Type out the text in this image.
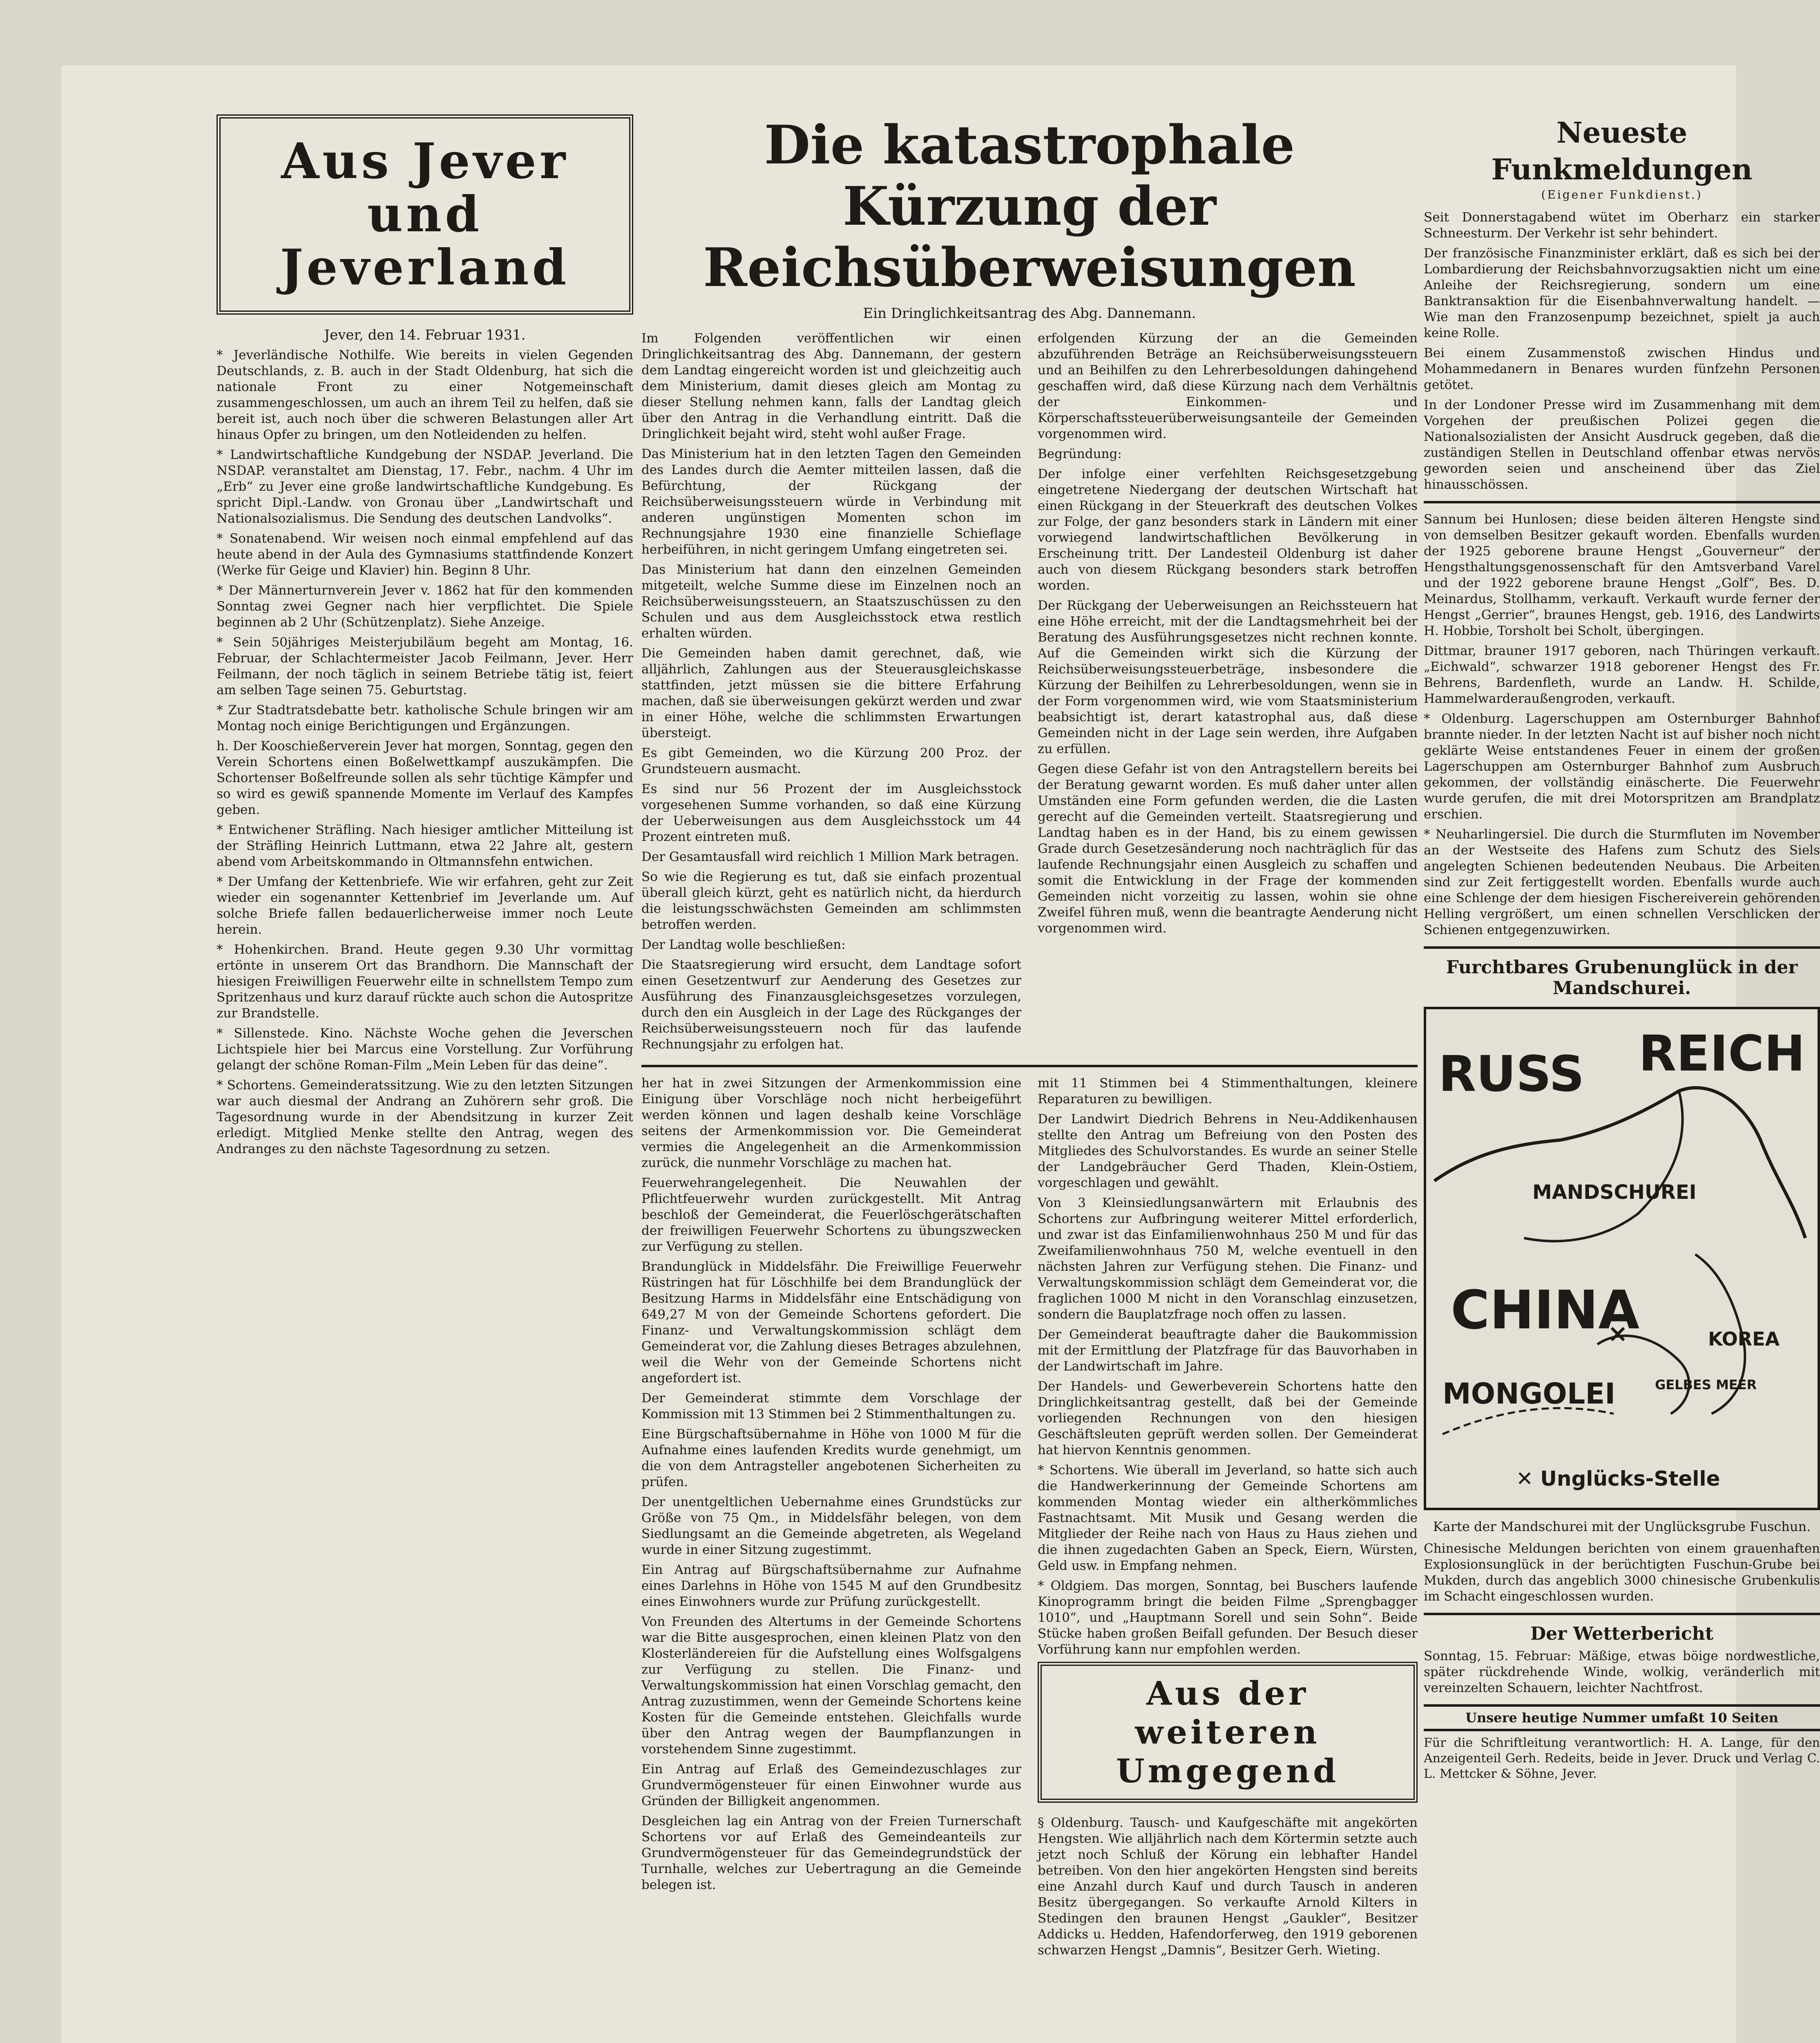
Aus Jever und Jeverland
Jever, den 14. Februar 1931.

* Jeverländische Nothilfe. Wie bereits in vielen Gegenden Deutschlands, z. B. auch in der Stadt Oldenburg, hat sich die nationale Front zu einer Notgemeinschaft zusammengeschlossen, um auch an ihrem Teil zu helfen, daß sie bereit ist, auch noch über die schweren Belastungen aller Art hinaus Opfer zu bringen, um den Notleidenden zu helfen.

* Landwirtschaftliche Kundgebung der NSDAP. Jeverland. Die NSDAP. veranstaltet am Dienstag, 17. Febr., nachm. 4 Uhr im „Erb“ zu Jever eine große landwirtschaftliche Kundgebung. Es spricht Dipl.-Landw. von Gronau über „Landwirtschaft und Nationalsozialismus. Die Sendung des deutschen Landvolks“.

* Sonatenabend. Wir weisen noch einmal empfehlend auf das heute abend in der Aula des Gymnasiums stattfindende Konzert (Werke für Geige und Klavier) hin. Beginn 8 Uhr.

* Der Männerturnverein Jever v. 1862 hat für den kommenden Sonntag zwei Gegner nach hier verpflichtet. Die Spiele beginnen ab 2 Uhr (Schützenplatz). Siehe Anzeige.

* Sein 50jähriges Meisterjubiläum begeht am Montag, 16. Februar, der Schlachtermeister Jacob Feilmann, Jever. Herr Feilmann, der noch täglich in seinem Betriebe tätig ist, feiert am selben Tage seinen 75. Geburtstag.

* Zur Stadtratsdebatte betr. katholische Schule bringen wir am Montag noch einige Berichtigungen und Ergänzungen.

h. Der Kooschießerverein Jever hat morgen, Sonntag, gegen den Verein Schortens einen Boßelwettkampf auszukämpfen. Die Schortenser Boßelfreunde sollen als sehr tüchtige Kämpfer und so wird es gewiß spannende Momente im Verlauf des Kampfes geben.

* Entwichener Sträfling. Nach hiesiger amtlicher Mitteilung ist der Sträfling Heinrich Luttmann, etwa 22 Jahre alt, gestern abend vom Arbeitskommando in Oltmannsfehn entwichen.

* Der Umfang der Kettenbriefe. Wie wir erfahren, geht zur Zeit wieder ein sogenannter Kettenbrief im Jeverlande um. Auf solche Briefe fallen bedauerlicherweise immer noch Leute herein.

* Hohenkirchen. Brand. Heute gegen 9.30 Uhr vormittag ertönte in unserem Ort das Brandhorn. Die Mannschaft der hiesigen Freiwilligen Feuerwehr eilte in schnellstem Tempo zum Spritzenhaus und kurz darauf rückte auch schon die Autospritze zur Brandstelle.

* Sillenstede. Kino. Nächste Woche gehen die Jeverschen Lichtspiele hier bei Marcus eine Vorstellung. Zur Vorführung gelangt der schöne Roman-Film „Mein Leben für das deine“.

* Schortens. Gemeinderatssitzung. Wie zu den letzten Sitzungen war auch diesmal der Andrang an Zuhörern sehr groß. Die Tagesordnung wurde in der Abendsitzung in kurzer Zeit erledigt. Mitglied Menke stellte den Antrag, wegen des Andranges zu den nächste Tagesordnung zu setzen.

Die katastrophale Kürzung der Reichsüberweisungen
Ein Dringlichkeitsantrag des Abg. Dannemann.

Im Folgenden veröffentlichen wir einen Dringlichkeitsantrag des Abg. Dannemann, der gestern dem Landtag eingereicht worden ist und gleichzeitig auch dem Ministerium, damit dieses gleich am Montag zu dieser Stellung nehmen kann, falls der Landtag gleich über den Antrag in die Verhandlung eintritt. Daß die Dringlichkeit bejaht wird, steht wohl außer Frage.

Das Ministerium hat in den letzten Tagen den Gemeinden des Landes durch die Aemter mitteilen lassen, daß die Befürchtung, der Rückgang der Reichsüberweisungssteuern würde in Verbindung mit anderen ungünstigen Momenten schon im Rechnungsjahre 1930 eine finanzielle Schieflage herbeiführen, in nicht geringem Umfang eingetreten sei.

Das Ministerium hat dann den einzelnen Gemeinden mitgeteilt, welche Summe diese im Einzelnen noch an Reichsüberweisungssteuern, an Staatszuschüssen zu den Schulen und aus dem Ausgleichsstock etwa restlich erhalten würden.

Die Gemeinden haben damit gerechnet, daß, wie alljährlich, Zahlungen aus der Steuerausgleichskasse stattfinden, jetzt müssen sie die bittere Erfahrung machen, daß sie überweisungen gekürzt werden und zwar in einer Höhe, welche die schlimmsten Erwartungen übersteigt.

Es gibt Gemeinden, wo die Kürzung 200 Proz. der Grundsteuern ausmacht.

Es sind nur 56 Prozent der im Ausgleichsstock vorgesehenen Summe vorhanden, so daß eine Kürzung der Ueberweisungen aus dem Ausgleichsstock um 44 Prozent eintreten muß.

Der Gesamtausfall wird reichlich 1 Million Mark betragen.

So wie die Regierung es tut, daß sie einfach prozentual überall gleich kürzt, geht es natürlich nicht, da hierdurch die leistungsschwächsten Gemeinden am schlimmsten betroffen werden.

Der Landtag wolle beschließen:

Die Staatsregierung wird ersucht, dem Landtage sofort einen Gesetzentwurf zur Aenderung des Gesetzes zur Ausführung des Finanzausgleichsgesetzes vorzulegen, durch den ein Ausgleich in der Lage des Rückganges der Reichsüberweisungssteuern noch für das laufende Rechnungsjahr zu erfolgen hat.

erfolgenden Kürzung der an die Gemeinden abzuführenden Beträge an Reichsüberweisungssteuern und an Beihilfen zu den Lehrerbesoldungen dahingehend geschaffen wird, daß diese Kürzung nach dem Verhältnis der Einkommen- und Körperschaftssteuerüberweisungsanteile der Gemeinden vorgenommen wird.

Begründung:

Der infolge einer verfehlten Reichsgesetzgebung eingetretene Niedergang der deutschen Wirtschaft hat einen Rückgang in der Steuerkraft des deutschen Volkes zur Folge, der ganz besonders stark in Ländern mit einer vorwiegend landwirtschaftlichen Bevölkerung in Erscheinung tritt. Der Landesteil Oldenburg ist daher auch von diesem Rückgang besonders stark betroffen worden.

Der Rückgang der Ueberweisungen an Reichssteuern hat eine Höhe erreicht, mit der die Landtagsmehrheit bei der Beratung des Ausführungsgesetzes nicht rechnen konnte. Auf die Gemeinden wirkt sich die Kürzung der Reichsüberweisungssteuerbeträge, insbesondere die Kürzung der Beihilfen zu Lehrerbesoldungen, wenn sie in der Form vorgenommen wird, wie vom Staatsministerium beabsichtigt ist, derart katastrophal aus, daß diese Gemeinden nicht in der Lage sein werden, ihre Aufgaben zu erfüllen.

Gegen diese Gefahr ist von den Antragstellern bereits bei der Beratung gewarnt worden. Es muß daher unter allen Umständen eine Form gefunden werden, die die Lasten gerecht auf die Gemeinden verteilt. Staatsregierung und Landtag haben es in der Hand, bis zu einem gewissen Grade durch Gesetzesänderung noch nachträglich für das laufende Rechnungsjahr einen Ausgleich zu schaffen und somit die Entwicklung in der Frage der kommenden Gemeinden nicht vorzeitig zu lassen, wohin sie ohne Zweifel führen muß, wenn die beantragte Aenderung nicht vorgenommen wird.

her hat in zwei Sitzungen der Armenkommission eine Einigung über Vorschläge noch nicht herbeigeführt werden können und lagen deshalb keine Vorschläge seitens der Armenkommission vor. Die Gemeinderat vermies die Angelegenheit an die Armenkommission zurück, die nunmehr Vorschläge zu machen hat.

Feuerwehrangelegenheit. Die Neuwahlen der Pflichtfeuerwehr wurden zurückgestellt. Mit Antrag beschloß der Gemeinderat, die Feuerlöschgerätschaften der freiwilligen Feuerwehr Schortens zu übungszwecken zur Verfügung zu stellen.

Brandunglück in Middelsfähr. Die Freiwillige Feuerwehr Rüstringen hat für Löschhilfe bei dem Brandunglück der Besitzung Harms in Middelsfähr eine Entschädigung von 649,27 M von der Gemeinde Schortens gefordert. Die Finanz- und Verwaltungskommission schlägt dem Gemeinderat vor, die Zahlung dieses Betrages abzulehnen, weil die Wehr von der Gemeinde Schortens nicht angefordert ist.

Der Gemeinderat stimmte dem Vorschlage der Kommission mit 13 Stimmen bei 2 Stimmenthaltungen zu.

Eine Bürgschaftsübernahme in Höhe von 1000 M für die Aufnahme eines laufenden Kredits wurde genehmigt, um die von dem Antragsteller angebotenen Sicherheiten zu prüfen.

Der unentgeltlichen Uebernahme eines Grundstücks zur Größe von 75 Qm., in Middelsfähr belegen, von dem Siedlungsamt an die Gemeinde abgetreten, als Wegeland wurde in einer Sitzung zugestimmt.

Ein Antrag auf Bürgschaftsübernahme zur Aufnahme eines Darlehns in Höhe von 1545 M auf den Grundbesitz eines Einwohners wurde zur Prüfung zurückgestellt.

Von Freunden des Altertums in der Gemeinde Schortens war die Bitte ausgesprochen, einen kleinen Platz von den Klosterländereien für die Aufstellung eines Wolfsgalgens zur Verfügung zu stellen. Die Finanz- und Verwaltungskommission hat einen Vorschlag gemacht, den Antrag zuzustimmen, wenn der Gemeinde Schortens keine Kosten für die Gemeinde entstehen. Gleichfalls wurde über den Antrag wegen der Baumpflanzungen in vorstehendem Sinne zugestimmt.

Ein Antrag auf Erlaß des Gemeindezuschlages zur Grundvermögensteuer für einen Einwohner wurde aus Gründen der Billigkeit angenommen.

Desgleichen lag ein Antrag von der Freien Turnerschaft Schortens vor auf Erlaß des Gemeindeanteils zur Grundvermögensteuer für das Gemeindegrundstück der Turnhalle, welches zur Uebertragung an die Gemeinde belegen ist.

mit 11 Stimmen bei 4 Stimmenthaltungen, kleinere Reparaturen zu bewilligen.

Der Landwirt Diedrich Behrens in Neu-Addikenhausen stellte den Antrag um Befreiung von den Posten des Mitgliedes des Schulvorstandes. Es wurde an seiner Stelle der Landgebräucher Gerd Thaden, Klein-Ostiem, vorgeschlagen und gewählt.

Von 3 Kleinsiedlungsanwärtern mit Erlaubnis des Schortens zur Aufbringung weiterer Mittel erforderlich, und zwar ist das Einfamilienwohnhaus 250 M und für das Zweifamilienwohnhaus 750 M, welche eventuell in den nächsten Jahren zur Verfügung stehen. Die Finanz- und Verwaltungskommission schlägt dem Gemeinderat vor, die fraglichen 1000 M nicht in den Voranschlag einzusetzen, sondern die Bauplatzfrage noch offen zu lassen.

Der Gemeinderat beauftragte daher die Baukommission mit der Ermittlung der Platzfrage für das Bauvorhaben in der Landwirtschaft im Jahre.

Der Handels- und Gewerbeverein Schortens hatte den Dringlichkeitsantrag gestellt, daß bei der Gemeinde vorliegenden Rechnungen von den hiesigen Geschäftsleuten geprüft werden sollen. Der Gemeinderat hat hiervon Kenntnis genommen.

* Schortens. Wie überall im Jeverland, so hatte sich auch die Handwerkerinnung der Gemeinde Schortens am kommenden Montag wieder ein altherkömmliches Fastnachtsamt. Mit Musik und Gesang werden die Mitglieder der Reihe nach von Haus zu Haus ziehen und die ihnen zugedachten Gaben an Speck, Eiern, Würsten, Geld usw. in Empfang nehmen.

* Oldgiem. Das morgen, Sonntag, bei Buschers laufende Kinoprogramm bringt die beiden Filme „Sprengbagger 1010“, und „Hauptmann Sorell und sein Sohn“. Beide Stücke haben großen Beifall gefunden. Der Besuch dieser Vorführung kann nur empfohlen werden.

Aus der weiteren Umgegend

§ Oldenburg. Tausch- und Kaufgeschäfte mit angekörten Hengsten. Wie alljährlich nach dem Körtermin setzte auch jetzt noch Schluß der Körung ein lebhafter Handel betreiben. Von den hier angekörten Hengsten sind bereits eine Anzahl durch Kauf und durch Tausch in anderen Besitz übergegangen. So verkaufte Arnold Kilters in Stedingen den braunen Hengst „Gaukler“, Besitzer Addicks u. Hedden, Hafendorferweg, den 1919 geborenen schwarzen Hengst „Damnis“, Besitzer Gerh. Wieting.

Neueste Funkmeldungen
(Eigener Funkdienst.)

Seit Donnerstagabend wütet im Oberharz ein starker Schneesturm. Der Verkehr ist sehr behindert.

Der französische Finanzminister erklärt, daß es sich bei der Lombardierung der Reichsbahnvorzugsaktien nicht um eine Anleihe der Reichsregierung, sondern um eine Banktransaktion für die Eisenbahnverwaltung handelt. — Wie man den Franzosenpump bezeichnet, spielt ja auch keine Rolle.

Bei einem Zusammenstoß zwischen Hindus und Mohammedanern in Benares wurden fünfzehn Personen getötet.

In der Londoner Presse wird im Zusammenhang mit dem Vorgehen der preußischen Polizei gegen die Nationalsozialisten der Ansicht Ausdruck gegeben, daß die zuständigen Stellen in Deutschland offenbar etwas nervös geworden seien und anscheinend über das Ziel hinausschössen.

Sannum bei Hunlosen; diese beiden älteren Hengste sind von demselben Besitzer gekauft worden. Ebenfalls wurden der 1925 geborene braune Hengst „Gouverneur“ der Hengsthaltungsgenossenschaft für den Amtsverband Varel und der 1922 geborene braune Hengst „Golf“, Bes. D. Meinardus, Stollhamm, verkauft. Verkauft wurde ferner der Hengst „Gerrier“, braunes Hengst, geb. 1916, des Landwirts H. Hobbie, Torsholt bei Scholt, übergingen.

Dittmar, brauner 1917 geboren, nach Thüringen verkauft. „Eichwald“, schwarzer 1918 geborener Hengst des Fr. Behrens, Bardenfleth, wurde an Landw. H. Schilde, Hammelwarderaußengroden, verkauft.

* Oldenburg. Lagerschuppen am Osternburger Bahnhof brannte nieder. In der letzten Nacht ist auf bisher noch nicht geklärte Weise entstandenes Feuer in einem der großen Lagerschuppen am Osternburger Bahnhof zum Ausbruch gekommen, der vollständig einäscherte. Die Feuerwehr wurde gerufen, die mit drei Motorspritzen am Brandplatz erschien.

* Neuharlingersiel. Die durch die Sturmfluten im November an der Westseite des Hafens zum Schutz des Siels angelegten Schienen bedeutenden Neubaus. Die Arbeiten sind zur Zeit fertiggestellt worden. Ebenfalls wurde auch eine Schlenge der dem hiesigen Fischereiverein gehörenden Helling vergrößert, um einen schnellen Verschlicken der Schienen entgegenzuwirken.

Furchtbares Grubenunglück in der Mandschurei.
RUSS REICH
MANDSCHUREI
CHINA
MONGOLEI
KOREA
GELBES MEER
✕ Unglücks-Stelle
Karte der Mandschurei mit der Unglücksgrube Fuschun.

Chinesische Meldungen berichten von einem grauenhaften Explosionsunglück in der berüchtigten Fuschun-Grube bei Mukden, durch das angeblich 3000 chinesische Grubenkulis im Schacht eingeschlossen wurden.

Der Wetterbericht

Sonntag, 15. Februar: Mäßige, etwas böige nordwestliche, später rückdrehende Winde, wolkig, veränderlich mit vereinzelten Schauern, leichter Nachtfrost.

Unsere heutige Nummer umfaßt 10 Seiten
Für die Schriftleitung verantwortlich: H. A. Lange, für den Anzeigenteil Gerh. Redeits, beide in Jever. Druck und Verlag C. L. Mettcker & Söhne, Jever.
